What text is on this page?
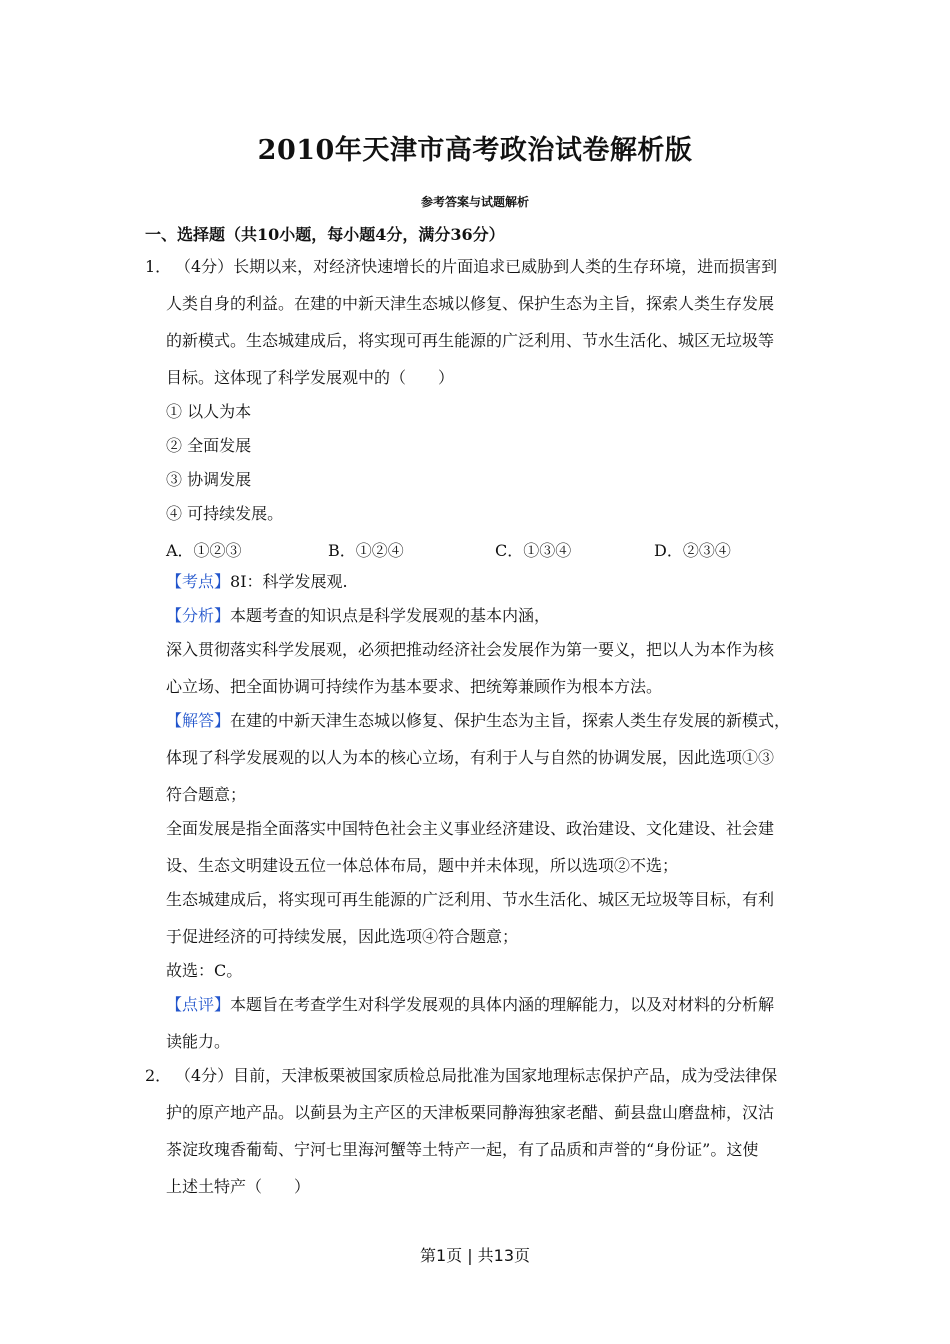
2010年天津市高考政治试卷解析版
参考答案与试题解析
一、选择题（共10小题，每小题4分，满分36分）
1． （4分）长期以来，对经济快速增长的片面追求已威胁到人类的生存环境，进而损害到
人类自身的利益。在建的中新天津生态城以修复、保护生态为主旨，探索人类生存发展
的新模式。生态城建成后，将实现可再生能源的广泛利用、节水生活化、城区无垃圾等
目标。这体现了科学发展观中的（　　）
① 以人为本
② 全面发展
③ 协调发展
④ 可持续发展。
A．①②③	B．①②④	C．①③④	D．②③④
【考点】8I：科学发展观.
【分析】本题考查的知识点是科学发展观的基本内涵，
深入贯彻落实科学发展观，必须把推动经济社会发展作为第一要义，把以人为本作为核
心立场、把全面协调可持续作为基本要求、把统筹兼顾作为根本方法。
【解答】在建的中新天津生态城以修复、保护生态为主旨，探索人类生存发展的新模式，
体现了科学发展观的以人为本的核心立场，有利于人与自然的协调发展，因此选项①③
符合题意；
全面发展是指全面落实中国特色社会主义事业经济建设、政治建设、文化建设、社会建
设、生态文明建设五位一体总体布局，题中并未体现，所以选项②不选；
生态城建成后，将实现可再生能源的广泛利用、节水生活化、城区无垃圾等目标，有利
于促进经济的可持续发展，因此选项④符合题意；
故选：C。
【点评】本题旨在考查学生对科学发展观的具体内涵的理解能力，以及对材料的分析解
读能力。
2． （4分）目前，天津板栗被国家质检总局批准为国家地理标志保护产品，成为受法律保
护的原产地产品。以蓟县为主产区的天津板栗同静海独家老醋、蓟县盘山磨盘柿，汉沽
茶淀玫瑰香葡萄、宁河七里海河蟹等土特产一起，有了品质和声誉的“身份证”。这使
上述土特产（　　）
第1页 | 共13页
